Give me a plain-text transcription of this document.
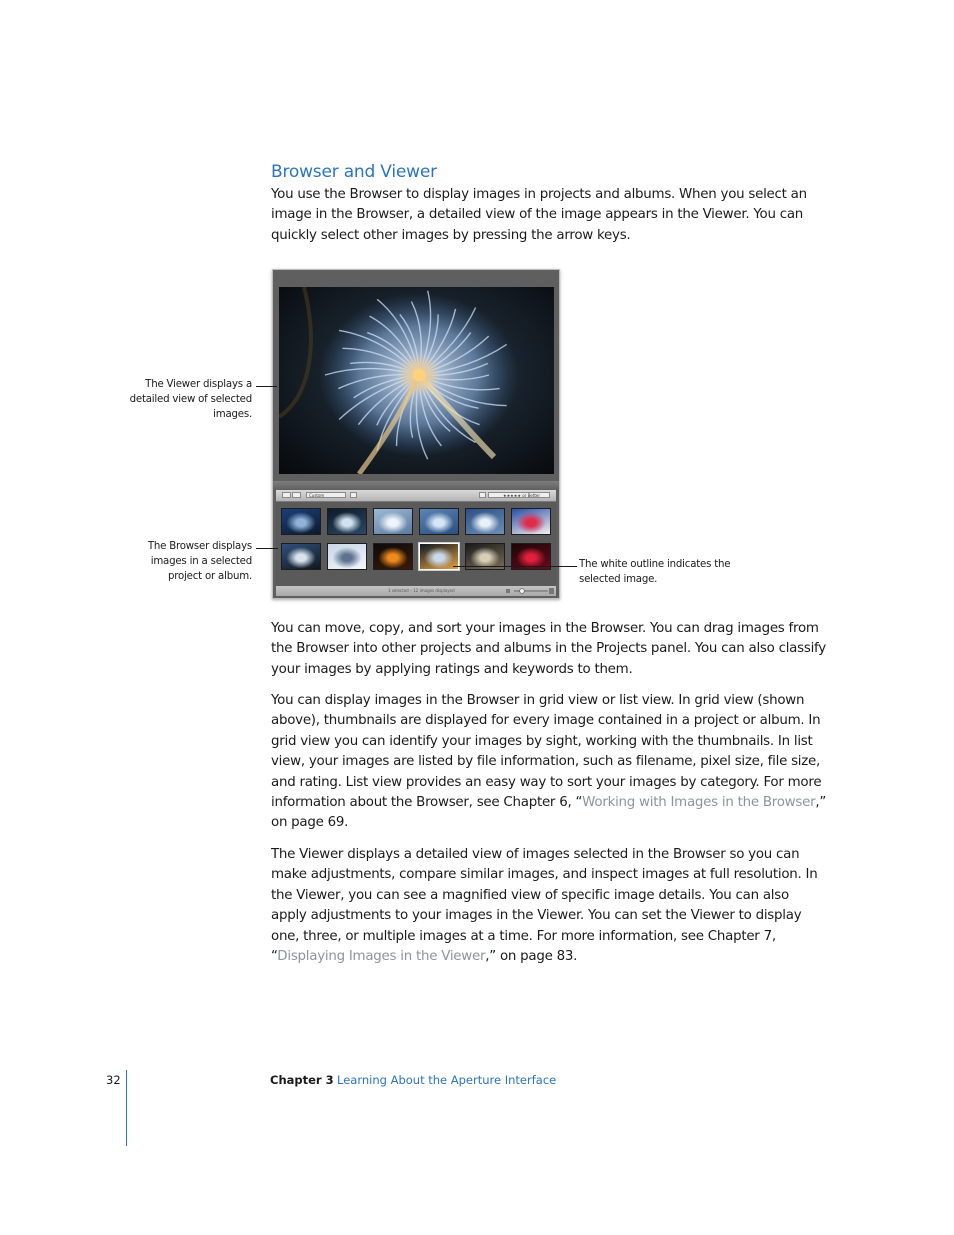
Browser and Viewer

You use the Browser to display images in projects and albums. When you select an image in the Browser, a detailed view of the image appears in the Viewer. You can quickly select other images by pressing the arrow keys.

Custom	★★★★★ or Better
1 selected – 12 images displayed

The Viewer displays a detailed view of selected images.

The Browser displays images in a selected project or album.

The white outline indicates the selected image.

You can move, copy, and sort your images in the Browser. You can drag images from the Browser into other projects and albums in the Projects panel. You can also classify your images by applying ratings and keywords to them.

You can display images in the Browser in grid view or list view. In grid view (shown above), thumbnails are displayed for every image contained in a project or album. In grid view you can identify your images by sight, working with the thumbnails. In list view, your images are listed by file information, such as filename, pixel size, file size, and rating. List view provides an easy way to sort your images by category. For more information about the Browser, see Chapter 6, “Working with Images in the Browser,” on page 69.

The Viewer displays a detailed view of images selected in the Browser so you can make adjustments, compare similar images, and inspect images at full resolution. In the Viewer, you can see a magnified view of specific image details. You can also apply adjustments to your images in the Viewer. You can set the Viewer to display one, three, or multiple images at a time. For more information, see Chapter 7, “Displaying Images in the Viewer,” on page 83.

32	Chapter 3 Learning About the Aperture Interface
